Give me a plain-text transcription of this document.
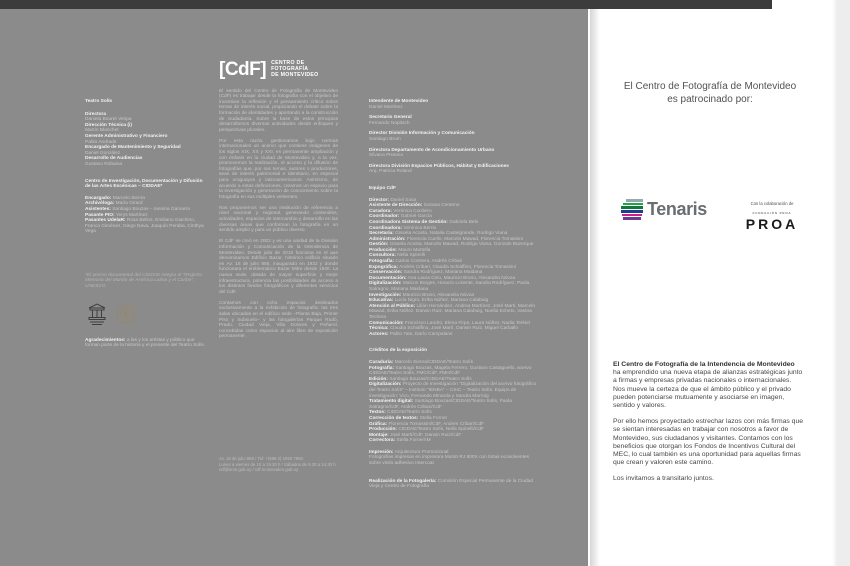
Teatro Solís
Directora
Daniela Bouret Vespa
Dirección Técnica (i)
Martín Blanchet
Gerente Administrativo y Financiero
Pablo Andrade
Encargado de Mantenimiento y Seguridad
Daniel González
Desarrollo de Audiencias
Gustavo Robaina
Centro de Investigación, Documentación y Difusión de las Artes Escénicas – CIDDAE*
Encargado: Marcelo Sienra
Archivóloga: María Girard
Asistentes: Santiago Bouzas – Iannina Gamarra
Pasante PIO: Yerys Martínez
Pasantes UdelaR: Rosa Bellos, Emiliano Giachino, Franca Giménez, Diego Nava, Joaquín Peraba, Cinthya Vega
*El acervo documental del CIDDAE integra el “Registro Memoria del Mundo de América Latina y el Caribe”, UNESCO.
Agradecimientos: a las y los artistas y público que forman parte de la historia y el presente del Teatro Solís.
[CdF] CENTRO DE
FOTOGRAFÍA
DE MONTEVIDEO

El sentido del Centro de Fotografía de Montevideo (CdF) es trabajar desde la fotografía con el objetivo de incentivar la reflexión y el pensamiento crítico sobre temas de interés social, propiciando el debate sobre la formación de identidades y aportando a la construcción de ciudadanía. Sobre la base de estos principios desarrollamos diversas actividades desde enfoques y perspectivas plurales.

Por esta razón, gestionamos bajo normas internacionales un acervo que contiene imágenes de los siglos XIX, XX y XXI, en permanente ampliación y con énfasis en la ciudad de Montevideo y, a la vez, promovemos la realización, el acceso y la difusión de fotografías que, por sus temas, autores o productores, sean de interés patrimonial e identitario, en especial para uruguayos y latinoamericanos. Asimismo, de acuerdo a estas definiciones, creamos un espacio para la investigación y generación de conocimiento sobre la fotografía en sus múltiples vertientes.

Nos proponemos ser una institución de referencia a nivel nacional y regional, generando contenidos, actividades, espacios de intercambio y desarrollo en las diversas áreas que conforman la fotografía en un sentido amplio y para un público diverso.

El CdF se creó en 2002 y es una unidad de la División Información y Comunicación de la Intendencia de Montevideo. Desde julio de 2015 funciona en el que denominamos Edificio Bazar, histórico edificio situado en Av. 18 de julio 885, inaugurado en 1932 y donde funcionara el emblemático Bazar Mitre desde 1940. La nueva sede, dotada de mayor superficie y mejor infraestructura, potencia las posibilidades de acceso a los distintos fondos fotográficos y diferentes servicios del CdF.

Contamos con ocho espacios destinados exclusivamente a la exhibición de fotografía: las tres salas ubicadas en el edificio sede –Planta Baja, Primer Piso y Subsuelo– y las fotogalerías Parque Rodó, Prado, Ciudad Vieja, Villa Dolores y Peñarol, concebidas como espacios al aire libre de exposición permanente.

Av. 18 de julio 885 / Tel: +(598 2) 1950 7960
Lunes a viernes de 10 a 19.30 h / Sábados de 9.30 a 14.30 h
cdf@imm.gub.uy / cdf.montevideo.gub.uy
Intendente de Montevideo
Daniel Martínez
Secretario General
Fernando Nopitsch
Director División Información y Comunicación
Santiago Brum
Directora Departamento de Acondicionamiento Urbano
Silvana Pissano
Directora División Espacios Públicos, Hábitat y Edificaciones
Arq. Patricia Roland
Equipo CdF
Director: Daniel Sosa
Asistente de Dirección: Susana Centeno
Curadora: Verónica Cordeiro
Coordinador: Gabriel García
Coordinadora Sistema de Gestión: Gabriela Belo
Coordinadora: Verónica Berrio
Secretaría: Gissela Acosta, Natalia Castelgrande, Rodrigo Viana
Administración: Florencia Cuello, Marcelo Mawad, Florencia Tomassini
Gestión: Gissela Acosta, Marcelo Mawad, Rodrigo Viana, Gonzalo Bazerque
Producción: Mauro Martella
Consultora: Nella Spinelli
Fotografía: Carlos Contrera, Andrés Cribari
Expográfica: Andrés Cribari, Claudia Schiaffino, Florencia Tomassini
Conservación: Sandra Rodríguez, Mariana Maidana
Documentación: Ana Laura Cirio, Mauricio Bruno, Alexandra Nóvoa
Digitalización: Maicon Borges, Horacio Loriente, Sandra Rodríguez, Paola Satragno, Mariana Maidana
Investigación: Mauricio Bruno, Alexandra Nóvoa
Educativa: Lucía Nigro, Erika Núñez, Mariana Calabuig
Atención al Público: Lilián Hernández, Andrea Martínez, José Martí, Marcelo Mawad, Erika Núñez, Darwin Ruiz, Mariana Calabuig, Noelia Echeto, Vanina Techera
Comunicación: Francisco Landro, Elena Firpo, Laura Núñez, Nadia Terkiel
Técnica: Claudia Schiaffino, José Martí, Darwin Ruiz, Miguel Carballo
Actores: Pablo Tate, Darío Campalans
Créditos de la exposición
Curaduría: Marcelo Sienra/CIDDAE/Teatro Solís
Fotografía: Santiago Bouzas, Magela Ferrero, Gustavo Castagnello, acervo CIDDAE/Teatro Solís, FMC/CdF, FMH/CdF
Edición: Santiago Bouzas/CIDDAE/Teatro Solís
Digitalización: Proyecto de Investigación “Digitalización del acervo fotográfico del Teatro Solís” – Instituto “IENBA” – CSIC – Teatro Solís. Equipo de investigación: Vico, Fernando Miranda y Sandra Marroig
Tratamiento digital: Santiago Bouzas/CIDDAE/Teatro Solís, Paola Satragno/CdF, Andrés Cribari/CdF
Textos: CIDDAE/Teatro Solís
Corrección de textos: Stella Forner
Gráfica: Florencia Tomassini/CdF, Andrés Cribari/CdF
Producción: CIDDAE/Teatro Solís, Nella Spinelli/CdF
Montaje: José Martí/CdF, Darwin Ruiz/CdF
Correctora: Stella Forner/IM
Impresión: Arquitectura Promocional
Fotografías impresas en impresora Mutoh RJ 600X con tintas ecosolventes sobre vinilo adhesivo Intercoat
Realización de la Fotogalería: Comisión Especial Permanente de la Ciudad Vieja y Centro de Fotografía
El Centro de Fotografía de Montevideo
es patrocinado por:
Tenaris	Con la colaboración de
FUNDACIÓN PROA
PROA

El Centro de Fotografía de la Intendencia de Montevideo ha emprendido una nueva etapa de alianzas estratégicas junto a firmas y empresas privadas nacionales o internacionales. Nos mueve la certeza de que el ámbito público y el privado pueden potenciarse mutuamente y asociarse en imagen, sentido y valores.

Por ello hemos proyectado estrechar lazos con más firmas que se sientan interesadas en trabajar con nosotros a favor de Montevideo, sus ciudadanos y visitantes. Contamos con los beneficios que otorgan los Fondos de Incentivos Cultural del MEC, lo cual también es una oportunidad para aquellas firmas que crean y valoren este camino.

Los invitamos a transitarlo juntos.
